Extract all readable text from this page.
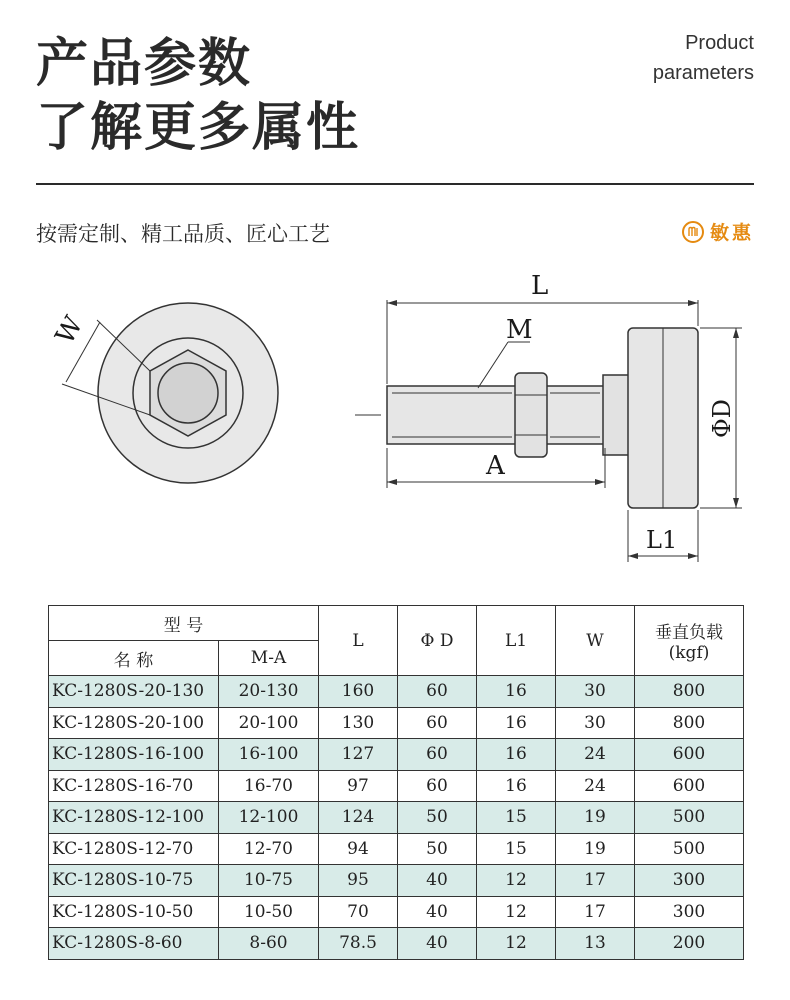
产品参数
了解更多属性
Product
parameters
按需定制、精工品质、匠心工艺	敏惠
W
L
M
A
ΦD
L1
型 号		L	Φ D	L1	W	垂直负载
(kgf)

名 称	M-A					
KC-1280S-20-130	20-130	160	60	16	30	800
KC-1280S-20-100	20-100	130	60	16	30	800
KC-1280S-16-100	16-100	127	60	16	24	600
KC-1280S-16-70	16-70	97	60	16	24	600
KC-1280S-12-100	12-100	124	50	15	19	500
KC-1280S-12-70	12-70	94	50	15	19	500
KC-1280S-10-75	10-75	95	40	12	17	300
KC-1280S-10-50	10-50	70	40	12	17	300
KC-1280S-8-60	8-60	78.5	40	12	13	200
